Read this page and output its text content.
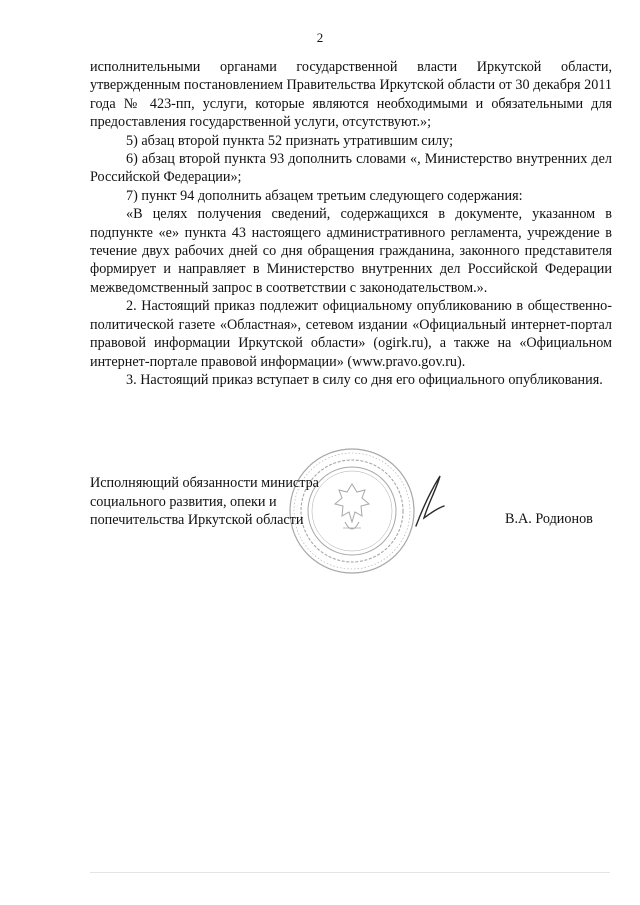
2

исполнительными органами государственной власти Иркутской области, утвержденным постановлением Правительства Иркутской области от 30 декабря 2011 года № 423-пп, услуги, которые являются необходимыми и обязательными для предоставления государственной услуги, отсутствуют.»;

5) абзац второй пункта 52 признать утратившим силу;

6) абзац второй пункта 93 дополнить словами «, Министерство внутренних дел Российской Федерации»;

7) пункт 94 дополнить абзацем третьим следующего содержания:

«В целях получения сведений, содержащихся в документе, указанном в подпункте «е» пункта 43 настоящего административного регламента, учреждение в течение двух рабочих дней со дня обращения гражданина, законного представителя формирует и направляет в Министерство внутренних дел Российской Федерации межведомственный запрос в соответствии с законодательством.».

2. Настоящий приказ подлежит официальному опубликованию в общественно-политической газете «Областная», сетевом издании «Официальный интернет-портал правовой информации Иркутской области» (ogirk.ru), а также на «Официальном интернет-портале правовой информации» (www.pravo.gov.ru).

3. Настоящий приказ вступает в силу со дня его официального опубликования.

Исполняющий обязанности министра
социального развития, опеки и
попечительства Иркутской области	В.А. Родионов
